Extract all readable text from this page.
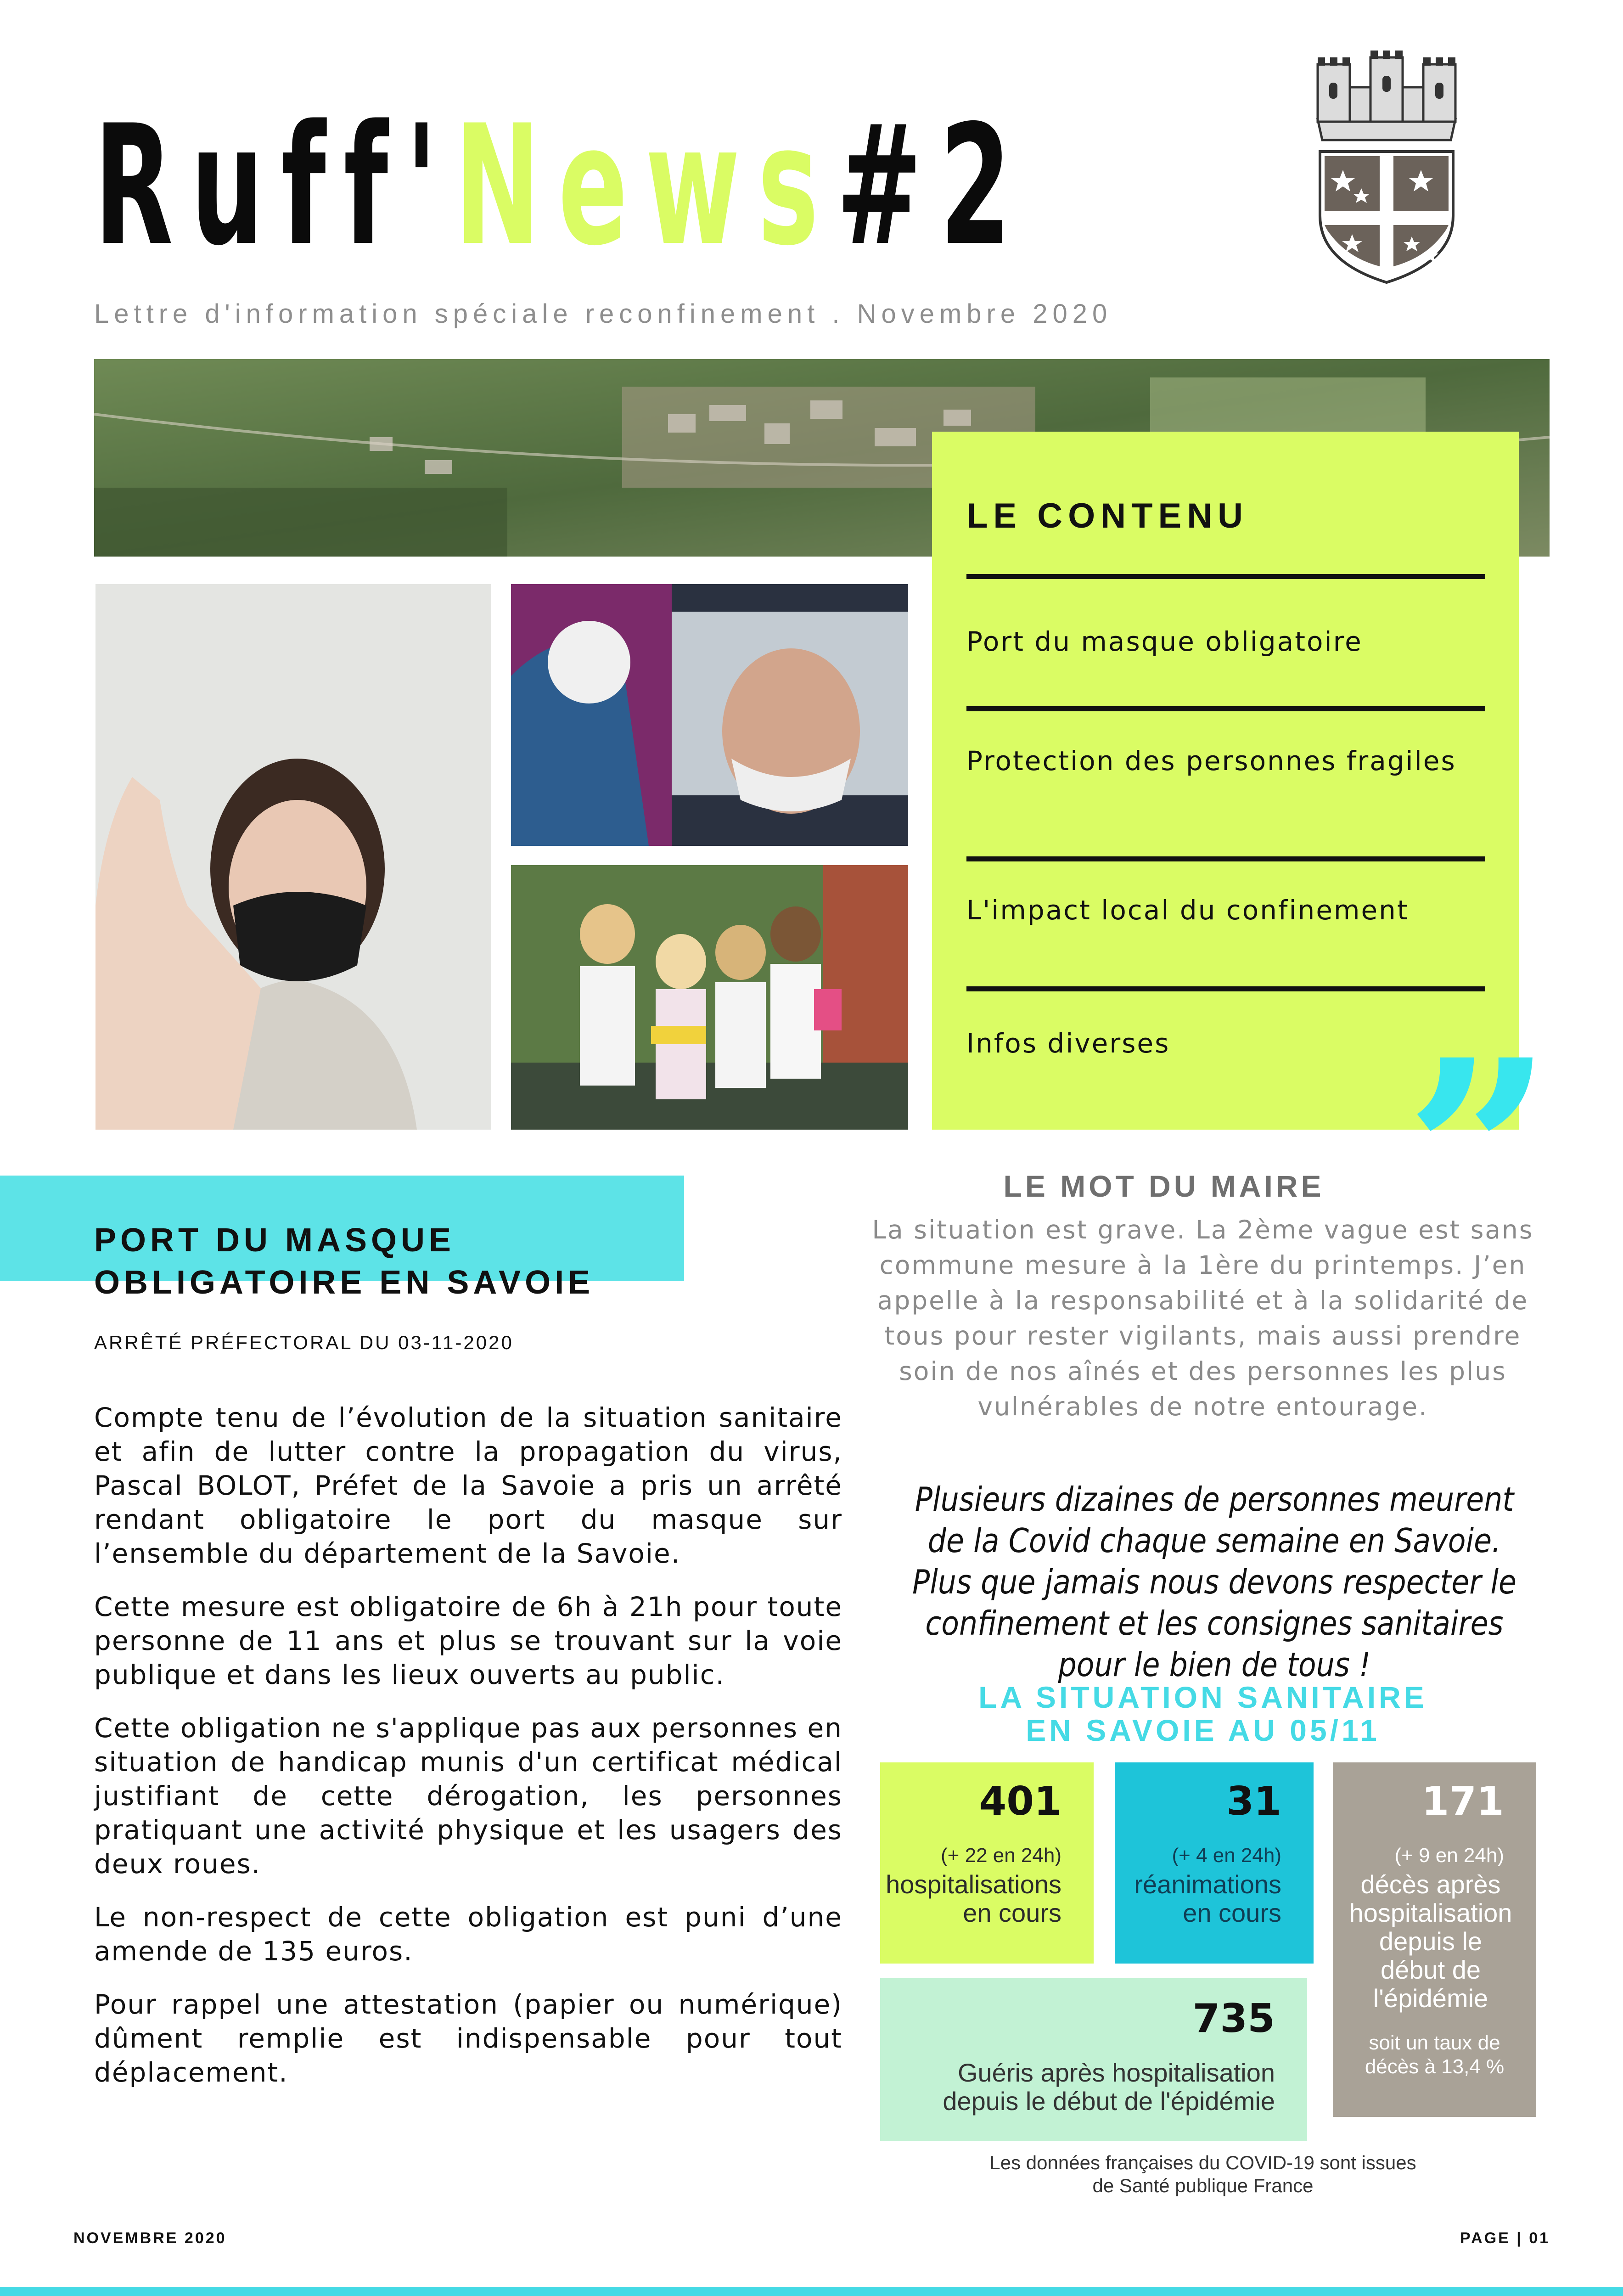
Ruff'News#2
Lettre d'information spéciale reconfinement . Novembre 2020
LE CONTENU
Port du masque obligatoire
Protection des personnes fragiles
L'impact local du confinement
Infos diverses ”
PORT DU MASQUE
OBLIGATOIRE EN SAVOIE
ARRÊTÉ PRÉFECTORAL DU 03-11-2020

Compte tenu de l’évolution de la situation sanitaire et afin de lutter contre la propagation du virus, Pascal BOLOT, Préfet de la Savoie a pris un arrêté rendant obligatoire le port du masque sur l’ensemble du département de la Savoie.

Cette mesure est obligatoire de 6h à 21h pour toute personne de 11 ans et plus se trouvant sur la voie publique et dans les lieux ouverts au public.

Cette obligation ne s'applique pas aux personnes en situation de handicap munis d'un certificat médical justifiant de cette dérogation, les personnes pratiquant une activité physique et les usagers des deux roues.

Le non-respect de cette obligation est puni d’une amende de 135 euros.

Pour rappel une attestation (papier ou numérique) dûment remplie est indispensable pour tout déplacement.

LE MOT DU MAIRE
La situation est grave. La 2ème vague est sans commune mesure à la 1ère du printemps. J’en appelle à la responsabilité et à la solidarité de tous pour rester vigilants, mais aussi prendre soin de nos aînés et des personnes les plus vulnérables de notre entourage.
Plusieurs dizaines de personnes meurent de la Covid chaque semaine en Savoie. Plus que jamais nous devons respecter le confinement et les consignes sanitaires pour le bien de tous !
LA SITUATION SANITAIRE
EN SAVOIE AU 05/11
401
(+ 22 en 24h)
hospitalisations
en cours
31
(+ 4 en 24h)
réanimations
en cours
171
(+ 9 en 24h)
décès après
hospitalisation
depuis le
début de
l'épidémie
soit un taux de
décès à 13,4 %
735
Guéris après hospitalisation
depuis le début de l'épidémie
Les données françaises du COVID-19 sont issues
de Santé publique France
NOVEMBRE 2020	PAGE | 01
